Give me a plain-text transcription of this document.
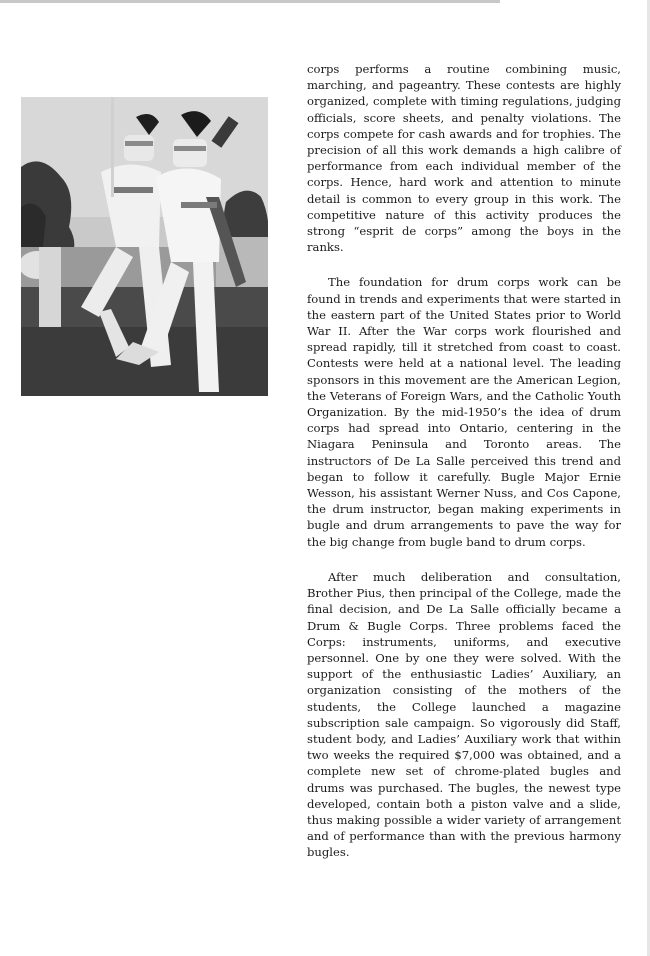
corps performs a routine combining music, marching, and pageantry. These contests are highly organized, complete with timing regulations, judging officials, score sheets, and penalty violations. The corps compete for cash awards and for trophies. The precision of all this work demands a high calibre of performance from each individual member of the corps. Hence, hard work and attention to minute detail is common to every group in this work. The competitive nature of this activity produces the strong “esprit de corps” among the boys in the ranks.

The foundation for drum corps work can be found in trends and experiments that were started in the eastern part of the United States prior to World War II. After the War corps work flourished and spread rapidly, till it stretched from coast to coast. Contests were held at a national level. The leading sponsors in this movement are the American Legion, the Veterans of Foreign Wars, and the Catholic Youth Organization. By the mid-1950’s the idea of drum corps had spread into Ontario, centering in the Niagara Peninsula and Toronto areas. The instructors of De La Salle perceived this trend and began to follow it carefully. Bugle Major Ernie Wesson, his assistant Werner Nuss, and Cos Capone, the drum instructor, began making experiments in bugle and drum arrangements to pave the way for the big change from bugle band to drum corps.

After much deliberation and consultation, Brother Pius, then principal of the College, made the final decision, and De La Salle officially became a Drum & Bugle Corps. Three problems faced the Corps: instruments, uniforms, and executive personnel. One by one they were solved. With the support of the enthusiastic Ladies’ Auxiliary, an organization consisting of the mothers of the students, the College launched a magazine subscription sale campaign. So vigorously did Staff, student body, and Ladies’ Auxiliary work that within two weeks the required $7,000 was obtained, and a complete new set of chrome-plated bugles and drums was purchased. The bugles, the newest type developed, contain both a piston valve and a slide, thus making possible a wider variety of arrangement and of performance than with the previous harmony bugles.
